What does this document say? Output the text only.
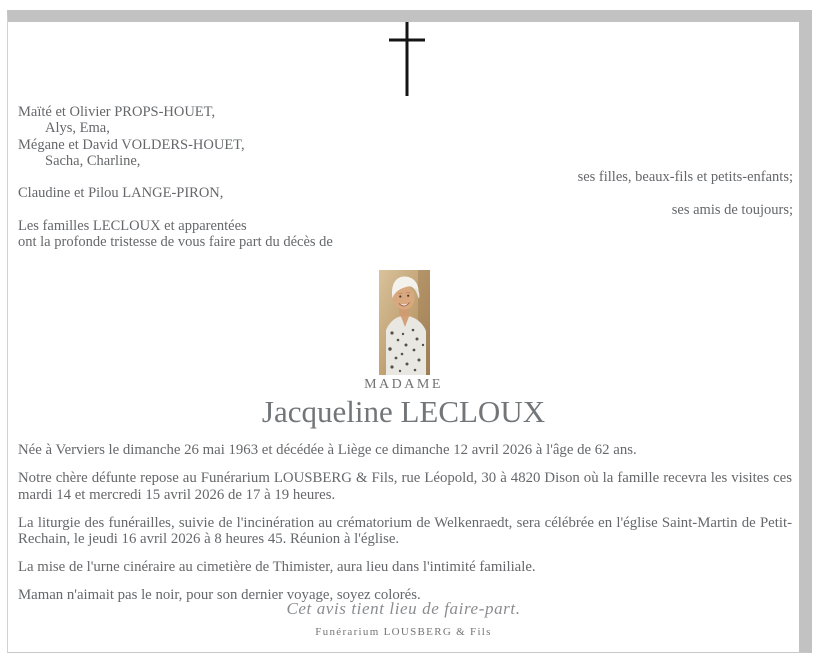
Maïté et Olivier PROPS-HOUET,
Alys, Ema,
Mégane et David VOLDERS-HOUET,
Sacha, Charline,
ses filles, beaux-fils et petits-enfants;
Claudine et Pilou LANGE-PIRON,
ses amis de toujours;
Les familles LECLOUX et apparentées
ont la profonde tristesse de vous faire part du décès de
MADAME
Jacqueline LECLOUX

Née à Verviers le dimanche 26 mai 1963 et décédée à Liège ce dimanche 12 avril 2026 à l'âge de 62 ans.

Notre chère défunte repose au Funérarium LOUSBERG & Fils, rue Léopold, 30 à 4820 Dison où la famille recevra les visites ces mardi 14 et mercredi 15 avril 2026 de 17 à 19 heures.

La liturgie des funérailles, suivie de l'incinération au crématorium de Welkenraedt, sera célébrée en l'église Saint-Martin de Petit-Rechain, le jeudi 16 avril 2026 à 8 heures 45. Réunion à l'église.

La mise de l'urne cinéraire au cimetière de Thimister, aura lieu dans l'intimité familiale.

Maman n'aimait pas le noir, pour son dernier voyage, soyez colorés.

Cet avis tient lieu de faire-part.
Funérarium LOUSBERG & Fils
